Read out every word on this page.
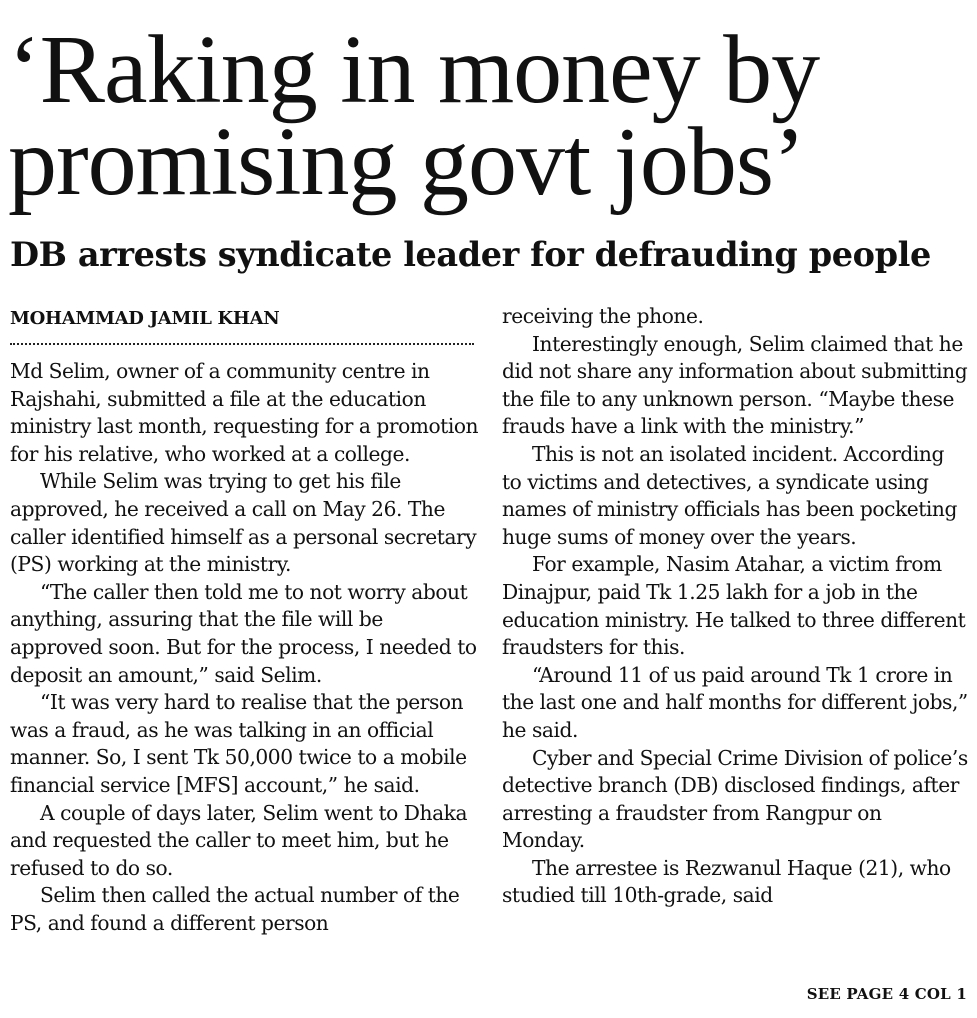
‘Raking in money by
promising govt jobs’
DB arrests syndicate leader for defrauding people
MOHAMMAD JAMIL KHAN

Md Selim, owner of a community centre in Rajshahi, submitted a file at the education ministry last month, requesting for a promotion for his relative, who worked at a college.

While Selim was trying to get his file approved, he received a call on May 26. The caller identified himself as a personal secretary (PS) working at the ministry.

“The caller then told me to not worry about anything, assuring that the file will be approved soon. But for the process, I needed to deposit an amount,” said Selim.

“It was very hard to realise that the person was a fraud, as he was talking in an official manner. So, I sent Tk 50,000 twice to a mobile financial service [MFS] account,” he said.

A couple of days later, Selim went to Dhaka and requested the caller to meet him, but he refused to do so.

Selim then called the actual number of the PS, and found a different person

receiving the phone.

Interestingly enough, Selim claimed that he did not share any information about submitting the file to any unknown person. “Maybe these frauds have a link with the ministry.”

This is not an isolated incident. According to victims and detectives, a syndicate using names of ministry officials has been pocketing huge sums of money over the years.

For example, Nasim Atahar, a victim from Dinajpur, paid Tk 1.25 lakh for a job in the education ministry. He talked to three different fraudsters for this.

“Around 11 of us paid around Tk 1 crore in the last one and half months for different jobs,” he said.

Cyber and Special Crime Division of police’s detective branch (DB) disclosed findings, after arresting a fraudster from Rangpur on Monday.

The arrestee is Rezwanul Haque (21), who studied till 10th-grade, said

SEE PAGE 4 COL 1
